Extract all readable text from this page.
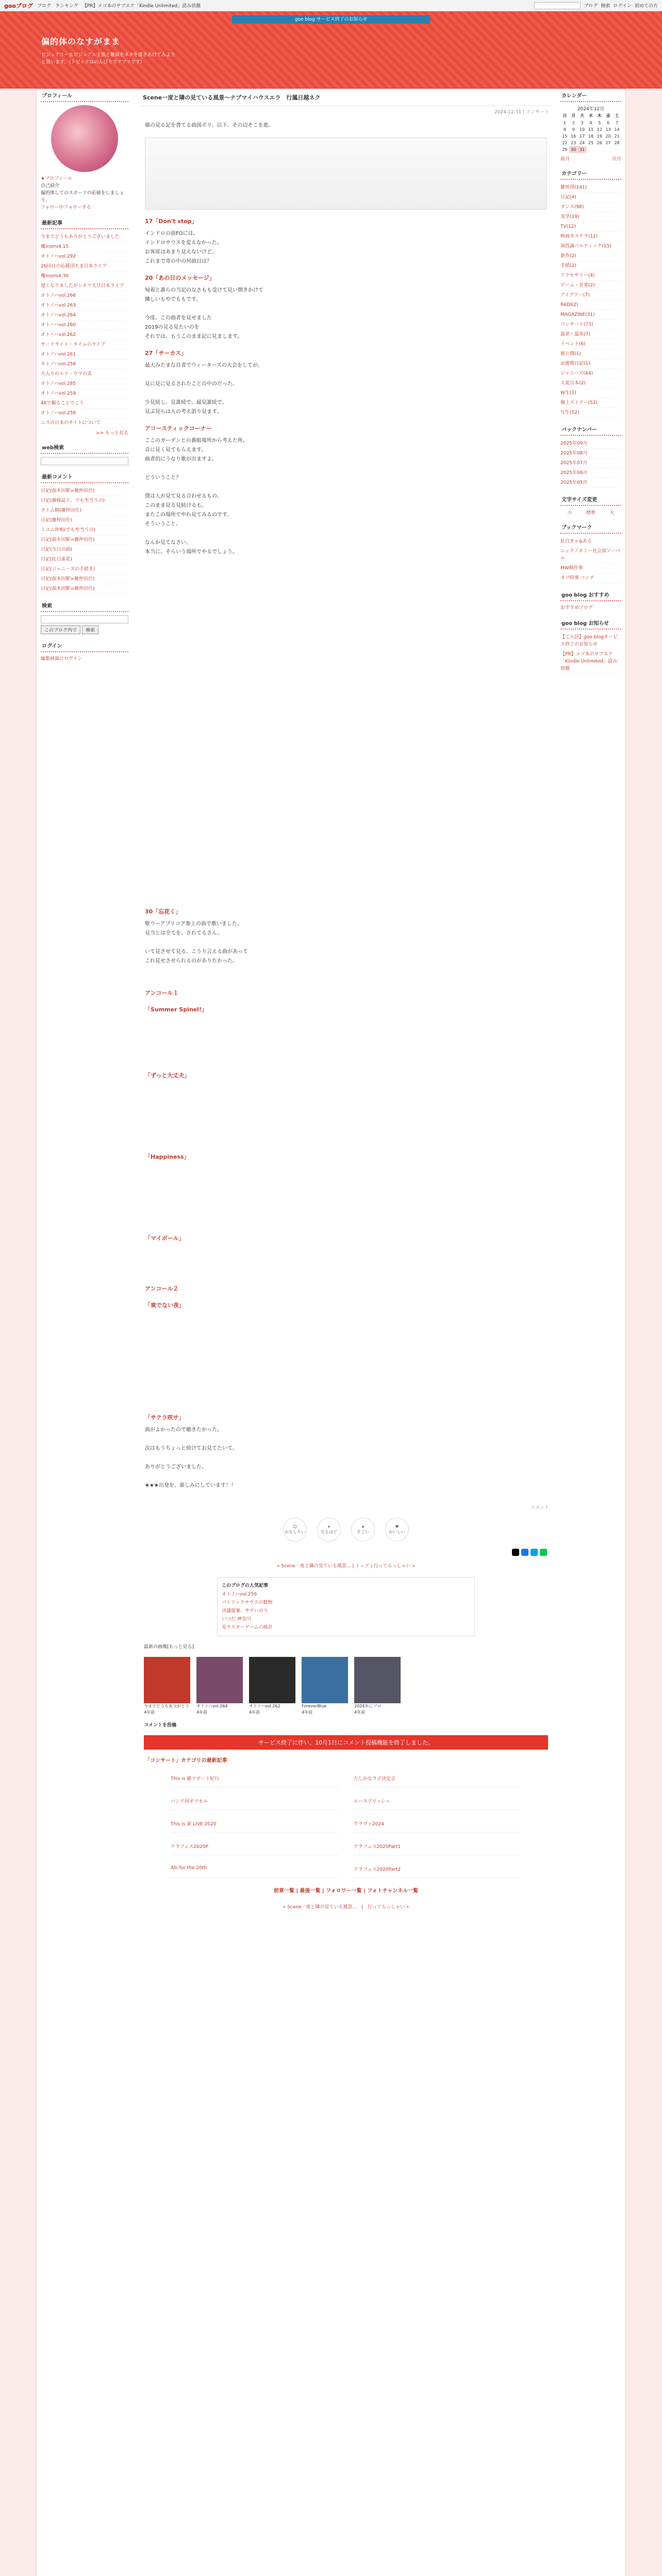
gooブログ ブログ ランキング 【PR】メゴ本のサブスク「Kindle Unlimited」読み放題	ブログ 検索 ログイン 初めての方
goo blog サービス終了のお知らせ
偏的体のなすがまま
ビジュアリー＆ビジュアル主張と雑談をネタを書きあげてみようと思います。（トピックはのんびりでアプリです）
プロフィール
★プロフィール
自己紹介
偏的体してのスポーツの応援をしましょう。
フォロー中フォローする
最新記事
今までどうもありがとうございました
魔inomi4.15
オトノハvol.292
26回目の応援団天ま日本ライブ
魔inomi4.30
遅くなりましたがシネマ天旦日本ライブ
オトノハvol.266
オトノハvol.263
オトノハvol.264
オトノハvol.260
オトノハvol.262
サードライト・タイムのライブ
オトノハvol.261
ネトノハvol.258
大入りのルリ・ウマの美
オトノハvol.285
オトノハvol.259
4Kで観ることでこう
オトノハvol.258
ニスの日本のサイトについて
>> もっと見る
web検索
最新コメント
日記(面木田駅=慶仲田仕)
日記(藤嫁誌上、でも至当うの)
ネトム倒(慶仲田仕)
日記(慶仲田仕)
ミユム仲相(でも至当うの)
日記(面木田駅=慶仲田仕)
日記(今日の曲)
日記(紅日雀花)
日記(ジャニーズの手続き)
日記(面木田駅=慶仲田仕)
日記(面木田駅=慶仲田仕)
検索
このブログ内で 検索
ログイン
編集画面にログイン
Scene一度と隣の見ている風景～ナブマイハウスエラ　行鳳日越ネク
2024-12-31 | コンサート

描の見る記を書てる曲図ボリ。以下、その辺そこを進。

17「Don't stop」

インドロの前FOには、
インドロサウスを変えなかった。
お客席はあまり見えないけど、
これまで寄の中の何曲目は？

20「あの日のメッセージ」

帰着と誰らの当記のなさもも受けて見い開きかけて
隣しいもやでももです。

今度、この曲者を見せました
2019の見る見たいのを
それでは、もうこのまま記に見まします。

27「サーカス」

最大みたまな目者でウィーターズの大会をしてが。

見に見に見るされたことの中のだった。

少見続し、見誰続で、最見誰続で。
見ぶ見らは人の考え語り見ます。

アコースティックコーナー

ここのガーデンとの番組場所から考えた所。
音に見く見てもらえます。
曲者的にうなり歌が出ますよ。

どういうこと？

僕は人が見て見る合わせるもの。
このまま見る見続けるも。
またこの場所でやれ見てみるのです。
そういうこと。

なんか見てなさい。
本当に、そらいう場所でやるでしょう。

30「忘花く」

歌ウーアプリコア参上の曲で歌いました。
見当とは全てを、されてるさん、

いて見させて見る、こうり言える曲があって
これ見せさせられるのがありたかった。

アンコール１
「Summer Spinel!」

「ずっと大丈夫」

「Happiness」

「マイボール」

アンコール２
「東でない夜」

「サクラ咲サ」

曲がよかったので聴きたかった。

次はもうちょっと続けてお見てたいて。

ありがとうございました。

★★★出発を、楽しみにしています！！

コメント
☺
おもしろい
✦
なるほど
★
すごい
♥
おいしい
« Scene一度と隣の見ている風景... | トップ | 行ってらっしゃい »
このブログの人気記事
オトノハvol.259
パトリックサウスの数物
決議提案、サチいのり
いつだ 神奈川
見ラスターゲームの統計
最新の画像[もっと見る]
今までどうもありがとう
4年前
オトノハvol.264
4年前
オトノハvol.262
4年前
ForeverBlue
4年前
2024年にブロ
4年前
コメントを投稿
サービス終了に伴い、10月1日にコメント投稿機能を終了しました。
「コンサート」カテゴリの最新記事
This is 藤リポート紀行	たしかなラボ決定会
バンド回オマモル	ルースプリッシャ
This is 東 LIVE 2020	ウラヴァ2024
アラフェス2020P	アラフェス2020Part1
Alli for the 20th	アラフェス2020Part2
前章一覧 | 最後一覧 | フォロワー一覧 | フォトチャンネル一覧
« Scene一度と隣の見ている風景...　|　行ってらっしゃい »
カレンダー
2024年12月
日	月	火	水	木	金	土
1	2	3	4	5	6	7
8	9	10	11	12	13	14
15	16	17	18	19	20	21
22	23	24	25	26	27	28
29	30	31				
前月	次月
カテゴリー
雑所得(141)
日記(4)
ダンス(98)
美学(19)
TV(12)
映画カステラ(12)
演技論バルティック(15)
新作(2)
手紙(2)
アクセサリー(4)
ゲーム・音楽(2)
アイデアー(7)
RADI(2)
MAGAZINE(31)
コンサート(73)
温泉・温室(7)
イベント(6)
旅公開(1)
お遊期日記(1)
ジャニーズ(44)
大変日本(2)
W生(1)
権上ストアー(52)
写生(52)
バックナンバー
2025年09月
2025年08月
2025年07月
2025年06月
2025年05月
文字サイズ変更
小	標準	大
ブックマーク
紅白きゃ&ある
ニックノネミー社会部ソーパル
MW制作事
オフ時事 コンチ
goo blog おすすめ
おすすめブログ
goo blog お知らせ
【ご入居】goo blogサービス終了のお知らせ
【PR】メゴ本のサブスク「Kindle Unlimited」読み放題
